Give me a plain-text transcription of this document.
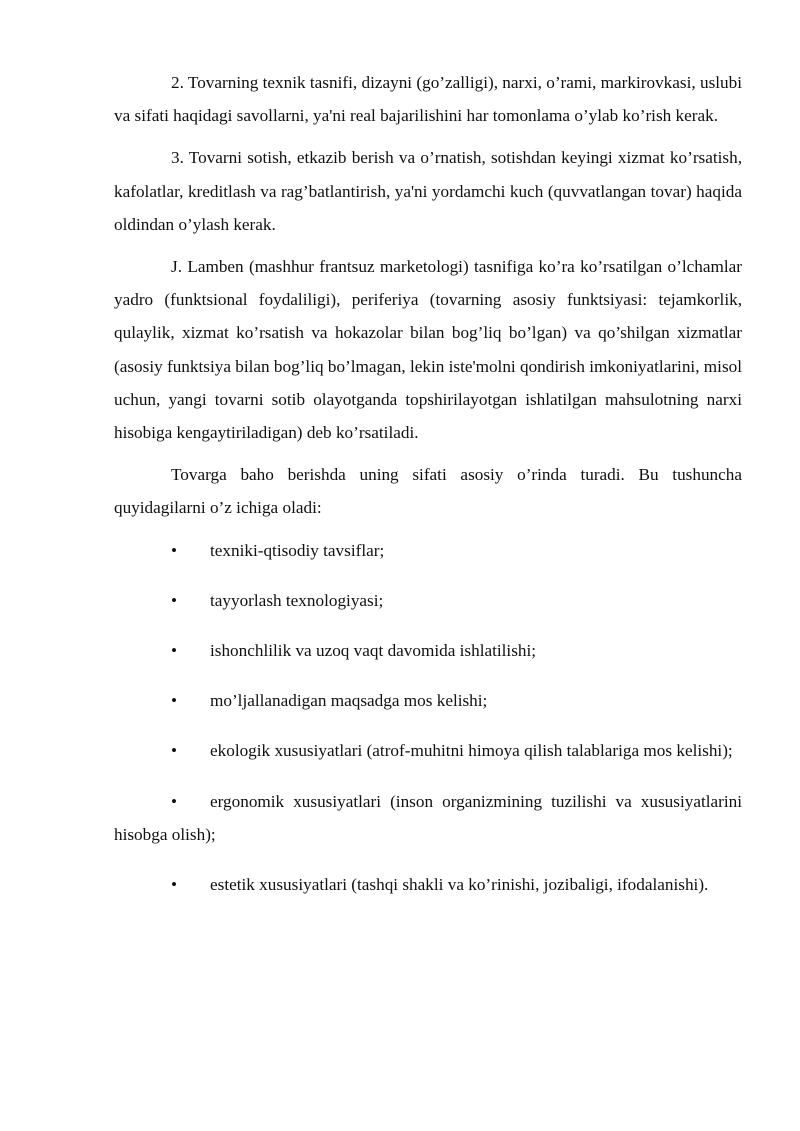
2. Tovarning texnik tasnifi, dizayni (go’zalligi), narxi, o’rami, markirovkasi, uslubi va sifati haqidagi savollarni, ya'ni real bajarilishini har tomonlama o’ylab ko’rish kerak.

3. Tovarni sotish, etkazib berish va o’rnatish, sotishdan keyingi xizmat ko’rsatish, kafolatlar, kreditlash va rag’batlantirish, ya'ni yordamchi kuch (quvvatlangan tovar) haqida oldindan o’ylash kerak.

J. Lamben (mashhur frantsuz marketologi) tasnifiga ko’ra ko’rsatilgan o’lchamlar yadro (funktsional foydaliligi), periferiya (tovarning asosiy funktsiyasi: tejamkorlik, qulaylik, xizmat ko’rsatish va hokazolar bilan bog’liq bo’lgan) va qo’shilgan xizmatlar (asosiy funktsiya bilan bog’liq bo’lmagan, lekin iste'molni qondirish imkoniyatlarini, misol uchun, yangi tovarni sotib olayotganda topshirilayotgan ishlatilgan mahsulotning narxi hisobiga kengaytiriladigan) deb ko’rsatiladi.

Tovarga baho berishda uning sifati asosiy o’rinda turadi. Bu tushuncha quyidagilarni o’z ichiga oladi:

• texniki-qtisodiy tavsiflar;

• tayyorlash texnologiyasi;

• ishonchlilik va uzoq vaqt davomida ishlatilishi;

• mo’ljallanadigan maqsadga mos kelishi;

• ekologik xususiyatlari (atrof-muhitni himoya qilish talablariga mos kelishi);

• ergonomik xususiyatlari (inson organizmining tuzilishi va xususiyatlarini hisobga olish);

• estetik xususiyatlari (tashqi shakli va ko’rinishi, jozibaligi, ifodalanishi).
